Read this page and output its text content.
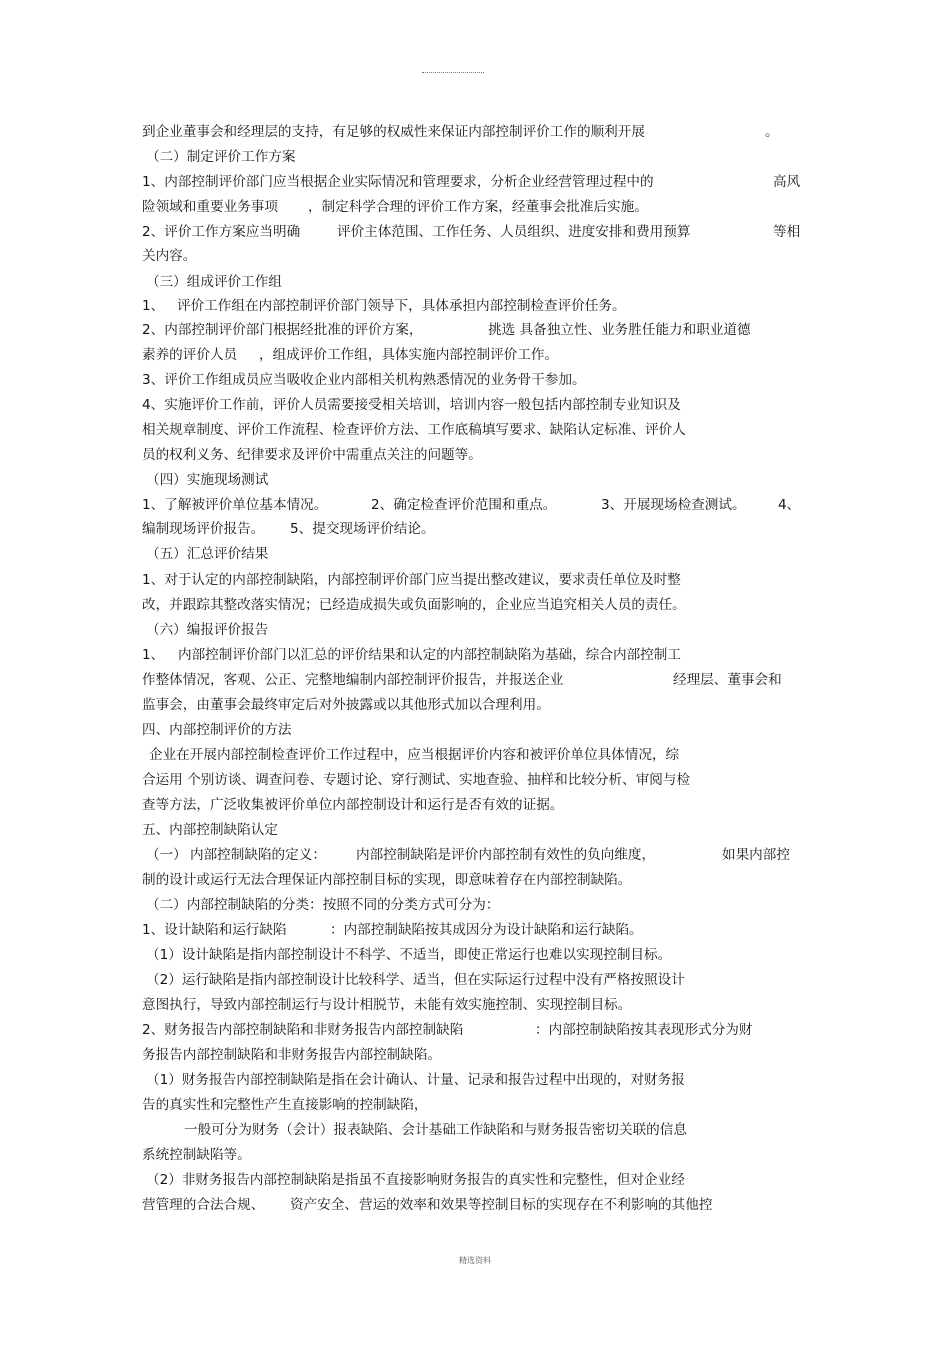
到企业董事会和经理层的支持，有足够的权威性来保证内部控制评价工作的顺利开展	。
（二）制定评价工作方案
1、内部控制评价部门应当根据企业实际情况和管理要求，分析企业经营管理过程中的	高风
险领域和重要业务事项 ，制定科学合理的评价工作方案，经董事会批准后实施。
2、评价工作方案应当明确	评价主体范围、工作任务、人员组织、进度安排和费用预算	等相
关内容。
（三）组成评价工作组
1、 评价工作组在内部控制评价部门领导下，具体承担内部控制检查评价任务。
2、内部控制评价部门根据经批准的评价方案，	挑选 具备独立性、业务胜任能力和职业道德
素养的评价人员 ，组成评价工作组，具体实施内部控制评价工作。
3、评价工作组成员应当吸收企业内部相关机构熟悉情况的业务骨干参加。
4、实施评价工作前，评价人员需要接受相关培训，培训内容一般包括内部控制专业知识及
相关规章制度、评价工作流程、检查评价方法、工作底稿填写要求、缺陷认定标准、评价人
员的权利义务、纪律要求及评价中需重点关注的问题等。
（四）实施现场测试
1、了解被评价单位基本情况。	2、确定检查评价范围和重点。	3、开展现场检查测试。 4、
编制现场评价报告。 5、提交现场评价结论。
（五）汇总评价结果
1、对于认定的内部控制缺陷，内部控制评价部门应当提出整改建议，要求责任单位及时整
改，并跟踪其整改落实情况；已经造成损失或负面影响的，企业应当追究相关人员的责任。
（六）编报评价报告
1、 内部控制评价部门以汇总的评价结果和认定的内部控制缺陷为基础，综合内部控制工
作整体情况，客观、公正、完整地编制内部控制评价报告，并报送企业	经理层、董事会和
监事会，由董事会最终审定后对外披露或以其他形式加以合理利用。
四、内部控制评价的方法
企业在开展内部控制检查评价工作过程中，应当根据评价内容和被评价单位具体情况，综
合运用 个别访谈、调查问卷、专题讨论、穿行测试、实地查验、抽样和比较分析、审阅与检
查等方法，广泛收集被评价单位内部控制设计和运行是否有效的证据。
五、内部控制缺陷认定
（一） 内部控制缺陷的定义： 内部控制缺陷是评价内部控制有效性的负向维度，	如果内部控
制的设计或运行无法合理保证内部控制目标的实现，即意味着存在内部控制缺陷。
（二）内部控制缺陷的分类：按照不同的分类方式可分为：
1、设计缺陷和运行缺陷	：内部控制缺陷按其成因分为设计缺陷和运行缺陷。
（1）设计缺陷是指内部控制设计不科学、不适当，即使正常运行也难以实现控制目标。
（2）运行缺陷是指内部控制设计比较科学、适当，但在实际运行过程中没有严格按照设计
意图执行，导致内部控制运行与设计相脱节，未能有效实施控制、实现控制目标。
2、财务报告内部控制缺陷和非财务报告内部控制缺陷	：内部控制缺陷按其表现形式分为财
务报告内部控制缺陷和非财务报告内部控制缺陷。
（1）财务报告内部控制缺陷是指在会计确认、计量、记录和报告过程中出现的，对财务报
告的真实性和完整性产生直接影响的控制缺陷，
一般可分为财务（会计）报表缺陷、会计基础工作缺陷和与财务报告密切关联的信息
系统控制缺陷等。
（2）非财务报告内部控制缺陷是指虽不直接影响财务报告的真实性和完整性，但对企业经
营管理的合法合规、 资产安全、 营运的效率和效果等控制目标的实现存在不利影响的其他控
精选资料
